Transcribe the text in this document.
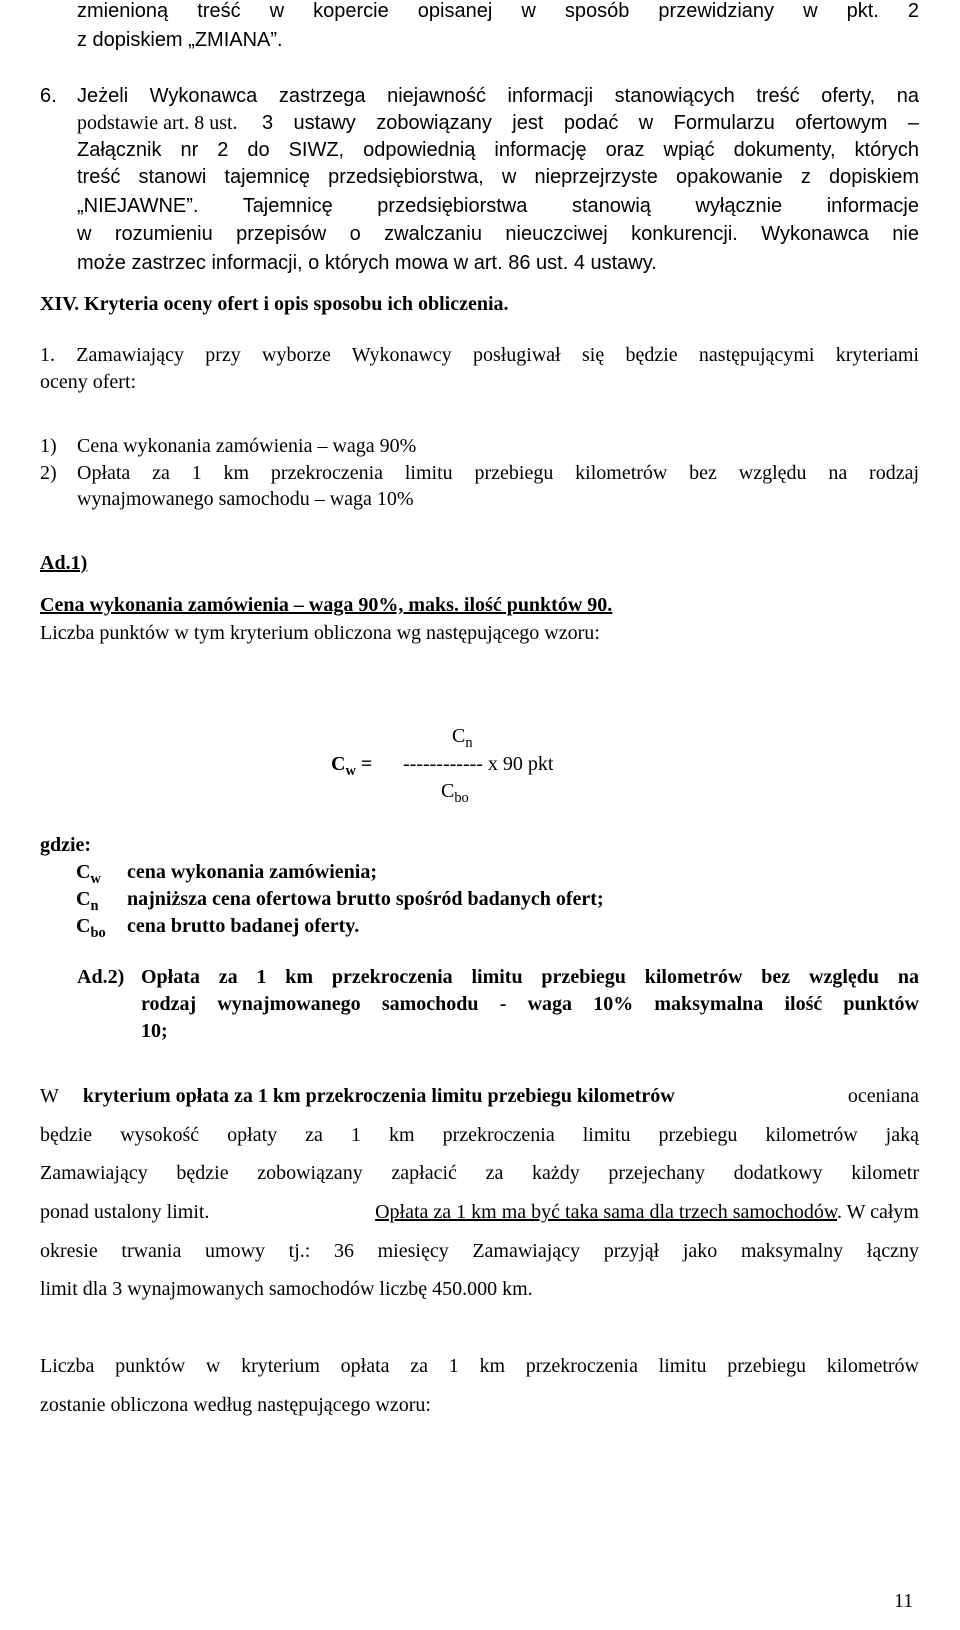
zmienioną treść w kopercie opisanej w sposób przewidziany w pkt. 2
z dopiskiem „ZMIANA”.
6. Jeżeli Wykonawca zastrzega niejawność informacji stanowiących treść oferty, na
podstawie art. 8 ust. 3 ustawy zobowiązany jest podać w Formularzu ofertowym –
Załącznik nr 2 do SIWZ, odpowiednią informację oraz wpiąć dokumenty, których
treść stanowi tajemnicę przedsiębiorstwa, w nieprzejrzyste opakowanie z dopiskiem
„NIEJAWNE”. Tajemnicę przedsiębiorstwa stanowią wyłącznie informacje
w rozumieniu przepisów o zwalczaniu nieuczciwej konkurencji. Wykonawca nie
może zastrzec informacji, o których mowa w art. 86 ust. 4 ustawy.
XIV. Kryteria oceny ofert i opis sposobu ich obliczenia.
1. Zamawiający przy wyborze Wykonawcy posługiwał się będzie następującymi kryteriami
oceny ofert:
1) Cena wykonania zamówienia – waga 90%
2) Opłata za 1 km przekroczenia limitu przebiegu kilometrów bez względu na rodzaj
wynajmowanego samochodu – waga 10%
Ad.1)
Cena wykonania zamówienia – waga 90%, maks. ilość punktów 90.
Liczba punktów w tym kryterium obliczona wg następującego wzoru:
$C_n$
$C_w$ = ------------ x 90 pkt
$C_{bo}$
gdzie:
$C_w$ cena wykonania zamówienia;
$C_n$ najniższa cena ofertowa brutto spośród badanych ofert;
$C_{bo}$ cena brutto badanej oferty.
Ad.2) Opłata za 1 km przekroczenia limitu przebiegu kilometrów bez względu na
rodzaj wynajmowanego samochodu - waga 10% maksymalna ilość punktów
10;
W kryterium opłata za 1 km przekroczenia limitu przebiegu kilometrów	oceniana
będzie wysokość opłaty za 1 km przekroczenia limitu przebiegu kilometrów jaką
Zamawiający będzie zobowiązany zapłacić za każdy przejechany dodatkowy kilometr
ponad ustalony limit.	Opłata za 1 km ma być taka sama dla trzech samochodów. W całym
okresie trwania umowy tj.: 36 miesięcy Zamawiający przyjął jako maksymalny łączny
limit dla 3 wynajmowanych samochodów liczbę 450.000 km.
Liczba punktów w kryterium opłata za 1 km przekroczenia limitu przebiegu kilometrów
zostanie obliczona według następującego wzoru:
11
